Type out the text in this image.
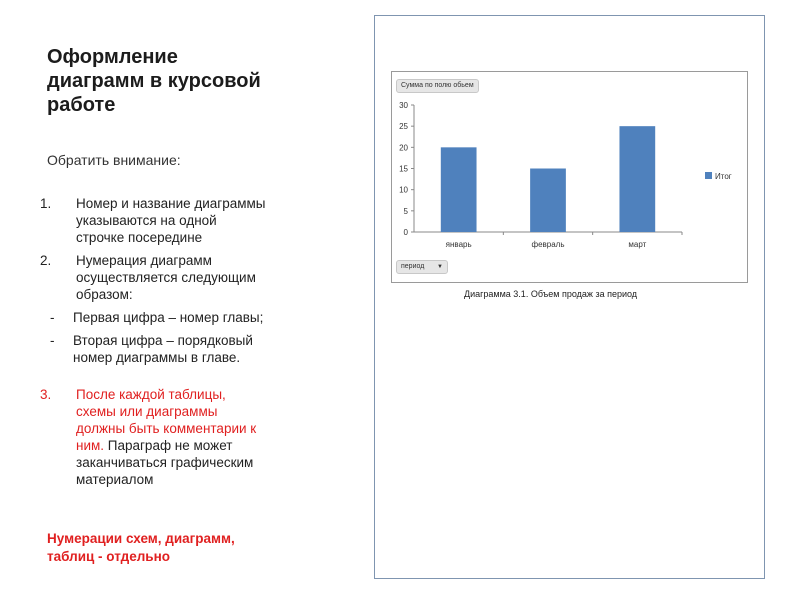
Оформление
диаграмм в курсовой
работе
Обратить внимание:
1. Номер и название диаграммы
указываются на одной
строчке посередине
2. Нумерация диаграмм
осуществляется следующим
образом:
- Первая цифра – номер главы;
- Вторая цифра – порядковый
номер диаграммы в главе.
3. После каждой таблицы,
схемы или диаграммы
должны быть комментарии к
ним. Параграф не может
заканчиваться графическим
материалом
Нумерации схем, диаграмм,
таблиц - отдельно
0
5
10
15
20
25
30
январь	февраль	март
Итог
Сумма по полю обьем
период ▼
Диаграмма 3.1. Объем продаж за период
